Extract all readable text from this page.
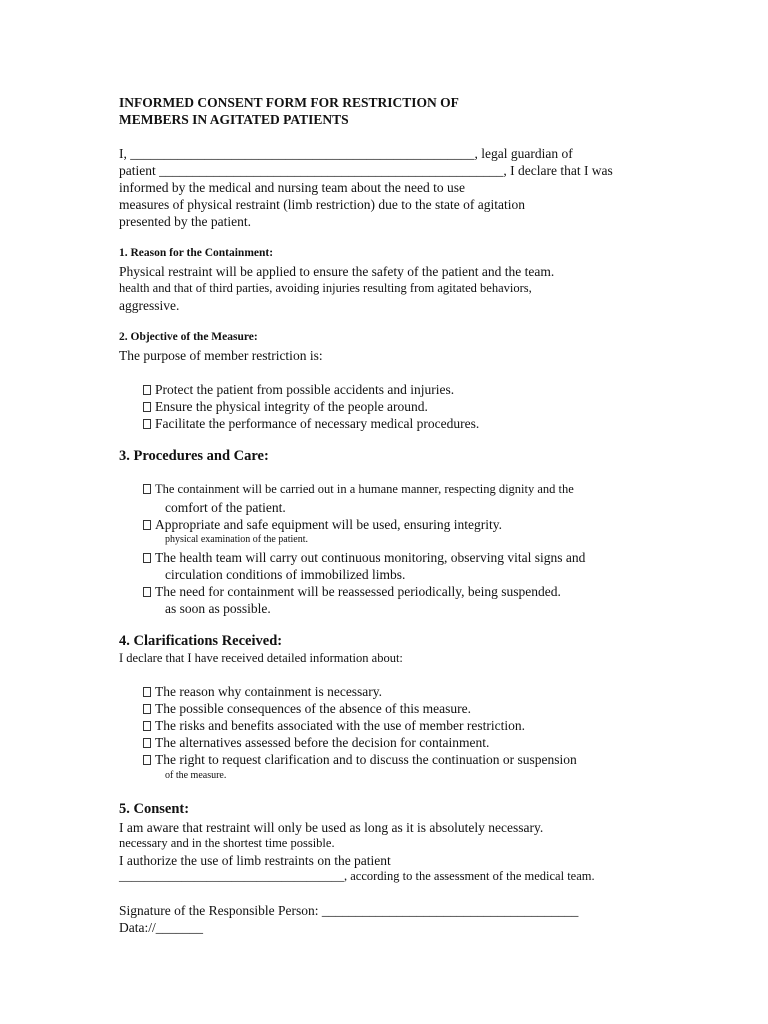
INFORMED CONSENT FORM FOR RESTRICTION OF
MEMBERS IN AGITATED PATIENTS
I, ___________________________________________________, legal guardian of
patient ___________________________________________________, I declare that I was
informed by the medical and nursing team about the need to use
measures of physical restraint (limb restriction) due to the state of agitation
presented by the patient.
1. Reason for the Containment:
Physical restraint will be applied to ensure the safety of the patient and the team.
health and that of third parties, avoiding injuries resulting from agitated behaviors,
aggressive.
2. Objective of the Measure:
The purpose of member restriction is:
Protect the patient from possible accidents and injuries.
Ensure the physical integrity of the people around.
Facilitate the performance of necessary medical procedures.
3. Procedures and Care:
The containment will be carried out in a humane manner, respecting dignity and the
comfort of the patient.
Appropriate and safe equipment will be used, ensuring integrity.
physical examination of the patient.
The health team will carry out continuous monitoring, observing vital signs and
circulation conditions of immobilized limbs.
The need for containment will be reassessed periodically, being suspended.
as soon as possible.
4. Clarifications Received:
I declare that I have received detailed information about:
The reason why containment is necessary.
The possible consequences of the absence of this measure.
The risks and benefits associated with the use of member restriction.
The alternatives assessed before the decision for containment.
The right to request clarification and to discuss the continuation or suspension
of the measure.
5. Consent:
I am aware that restraint will only be used as long as it is absolutely necessary.
necessary and in the shortest time possible.
I authorize the use of limb restraints on the patient
____________________________________, according to the assessment of the medical team.
Signature of the Responsible Person: ______________________________________
Data://_______
